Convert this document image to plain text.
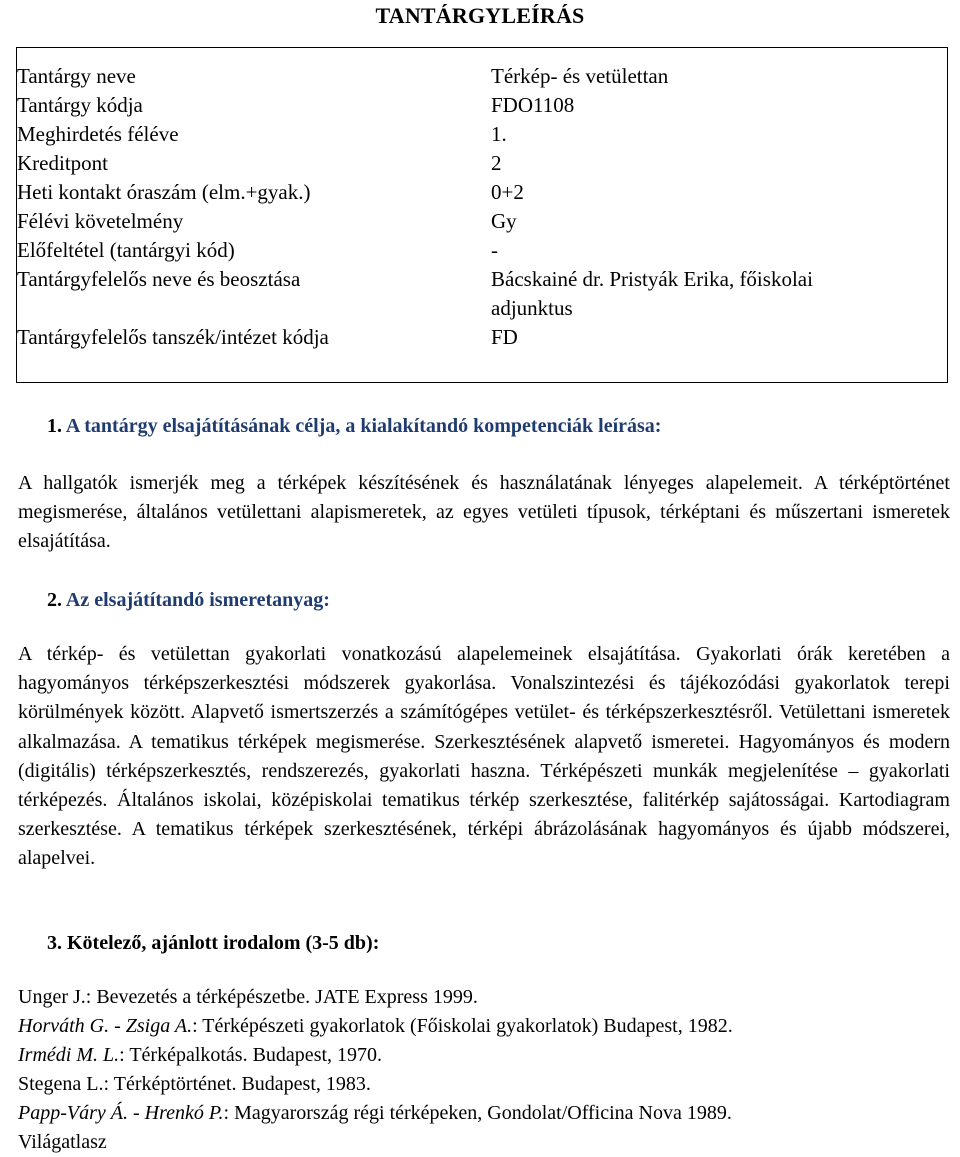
TANTÁRGYLEÍRÁS
Tantárgy neve	Térkép- és vetülettan
Tantárgy kódja	FDO1108
Meghirdetés féléve	1.
Kreditpont	2
Heti kontakt óraszám (elm.+gyak.)	0+2
Félévi követelmény	Gy
Előfeltétel (tantárgyi kód)	-
Tantárgyfelelős neve és beosztása	Bácskainé dr. Pristyák Erika, főiskolai adjunktus
Tantárgyfelelős tanszék/intézet kódja	FD
1. A tantárgy elsajátításának célja, a kialakítandó kompetenciák leírása:
A hallgatók ismerjék meg a térképek készítésének és használatának lényeges alapelemeit. A térképtörténet megismerése, általános vetülettani alapismeretek, az egyes vetületi típusok, térképtani és műszertani ismeretek elsajátítása.
2. Az elsajátítandó ismeretanyag:
A térkép- és vetülettan gyakorlati vonatkozású alapelemeinek elsajátítása. Gyakorlati órák keretében a hagyományos térképszerkesztési módszerek gyakorlása. Vonalszintezési és tájékozódási gyakorlatok terepi körülmények között. Alapvető ismertszerzés a számítógépes vetület- és térképszerkesztésről. Vetülettani ismeretek alkalmazása. A tematikus térképek megismerése. Szerkesztésének alapvető ismeretei. Hagyományos és modern (digitális) térképszerkesztés, rendszerezés, gyakorlati haszna. Térképészeti munkák megjelenítése – gyakorlati térképezés. Általános iskolai, középiskolai tematikus térkép szerkesztése, falitérkép sajátosságai. Kartodiagram szerkesztése. A tematikus térképek szerkesztésének, térképi ábrázolásának hagyományos és újabb módszerei, alapelvei.
3. Kötelező, ajánlott irodalom (3-5 db):
Unger J.: Bevezetés a térképészetbe. JATE Express 1999.
Horváth G. - Zsiga A.: Térképészeti gyakorlatok (Főiskolai gyakorlatok) Budapest, 1982.
Irmédi M. L.: Térképalkotás. Budapest, 1970.
Stegena L.: Térképtörténet. Budapest, 1983.
Papp-Váry Á. - Hrenkó P.: Magyarország régi térképeken, Gondolat/Officina Nova 1989.
Világatlasz
